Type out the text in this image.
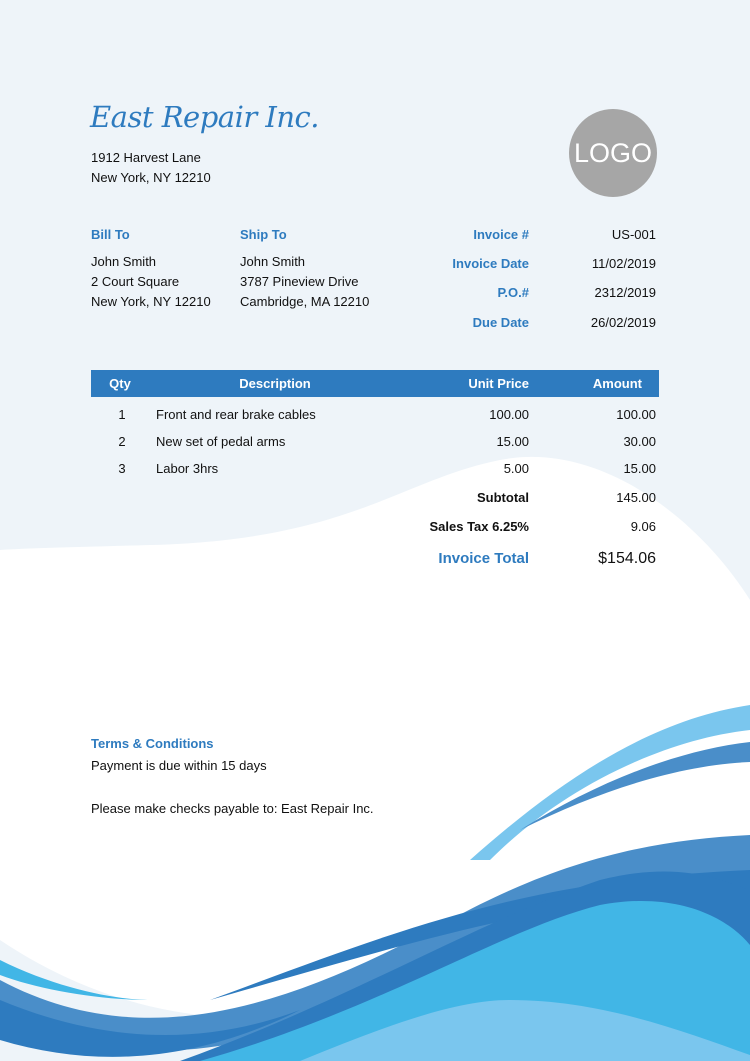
East Repair Inc.
1912 Harvest Lane
New York, NY 12210
LOGO
Bill To
John Smith
2 Court Square
New York, NY 12210
Ship To
John Smith
3787 Pineview Drive
Cambridge, MA 12210
Invoice #	US-001
Invoice Date	11/02/2019
P.O.#	2312/2019
Due Date	26/02/2019
Qty	Description	Unit Price	Amount
1	Front and rear brake cables	100.00	100.00
2	New set of pedal arms	15.00	30.00
3	Labor 3hrs	5.00	15.00
Subtotal	145.00
Sales Tax 6.25%	9.06
Invoice Total	$154.06
Terms & Conditions
Payment is due within 15 days
Please make checks payable to: East Repair Inc.
